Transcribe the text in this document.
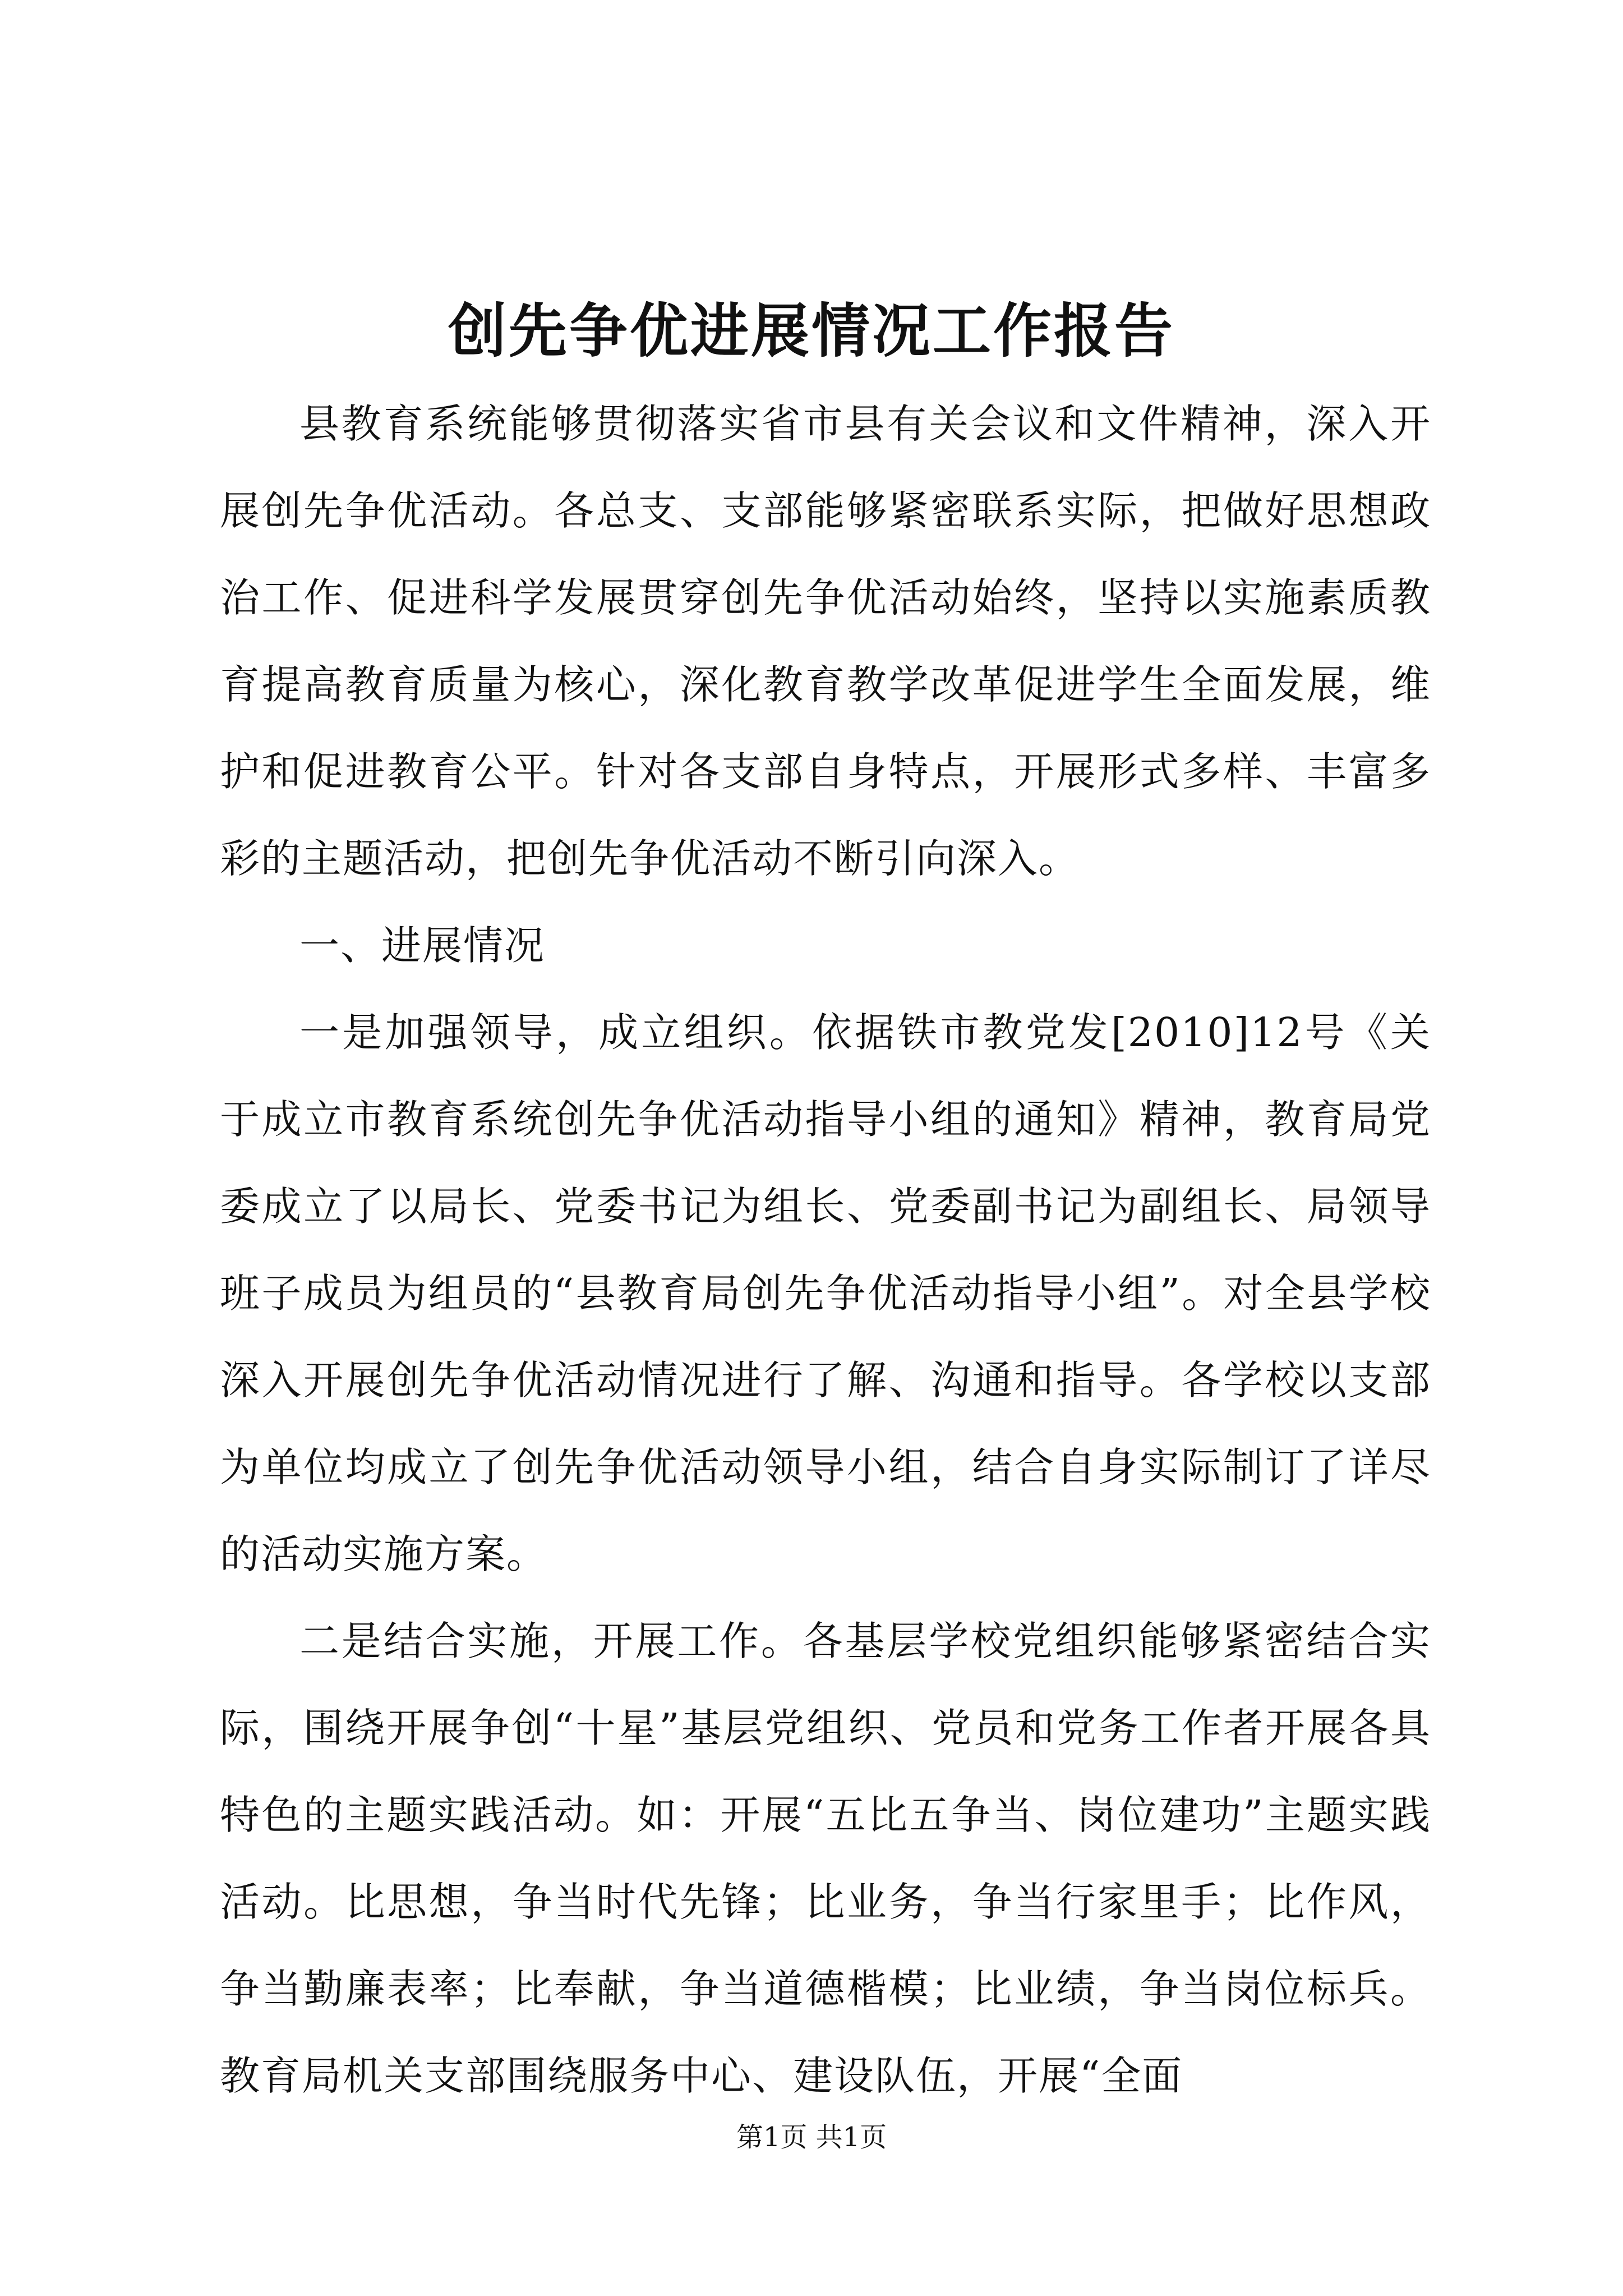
创先争优进展情况工作报告

县教育系统能够贯彻落实省市县有关会议和文件精神，深入开展创先争优活动。各总支、支部能够紧密联系实际，把做好思想政治工作、促进科学发展贯穿创先争优活动始终，坚持以实施素质教育提高教育质量为核心，深化教育教学改革促进学生全面发展，维护和促进教育公平。针对各支部自身特点，开展形式多样、丰富多彩的主题活动，把创先争优活动不断引向深入。

一、进展情况

一是加强领导，成立组织。依据铁市教党发[2010]12号《关于成立市教育系统创先争优活动指导小组的通知》精神，教育局党委成立了以局长、党委书记为组长、党委副书记为副组长、局领导班子成员为组员的“县教育局创先争优活动指导小组”。对全县学校深入开展创先争优活动情况进行了解、沟通和指导。各学校以支部为单位均成立了创先争优活动领导小组，结合自身实际制订了详尽的活动实施方案。

二是结合实施，开展工作。各基层学校党组织能够紧密结合实际，围绕开展争创“十星”基层党组织、党员和党务工作者开展各具特色的主题实践活动。如：开展“五比五争当、岗位建功”主题实践活动。比思想，争当时代先锋；比业务，争当行家里手；比作风，争当勤廉表率；比奉献，争当道德楷模；比业绩，争当岗位标兵。教育局机关支部围绕服务中心、建设队伍，开展“全面

第1页 共1页
